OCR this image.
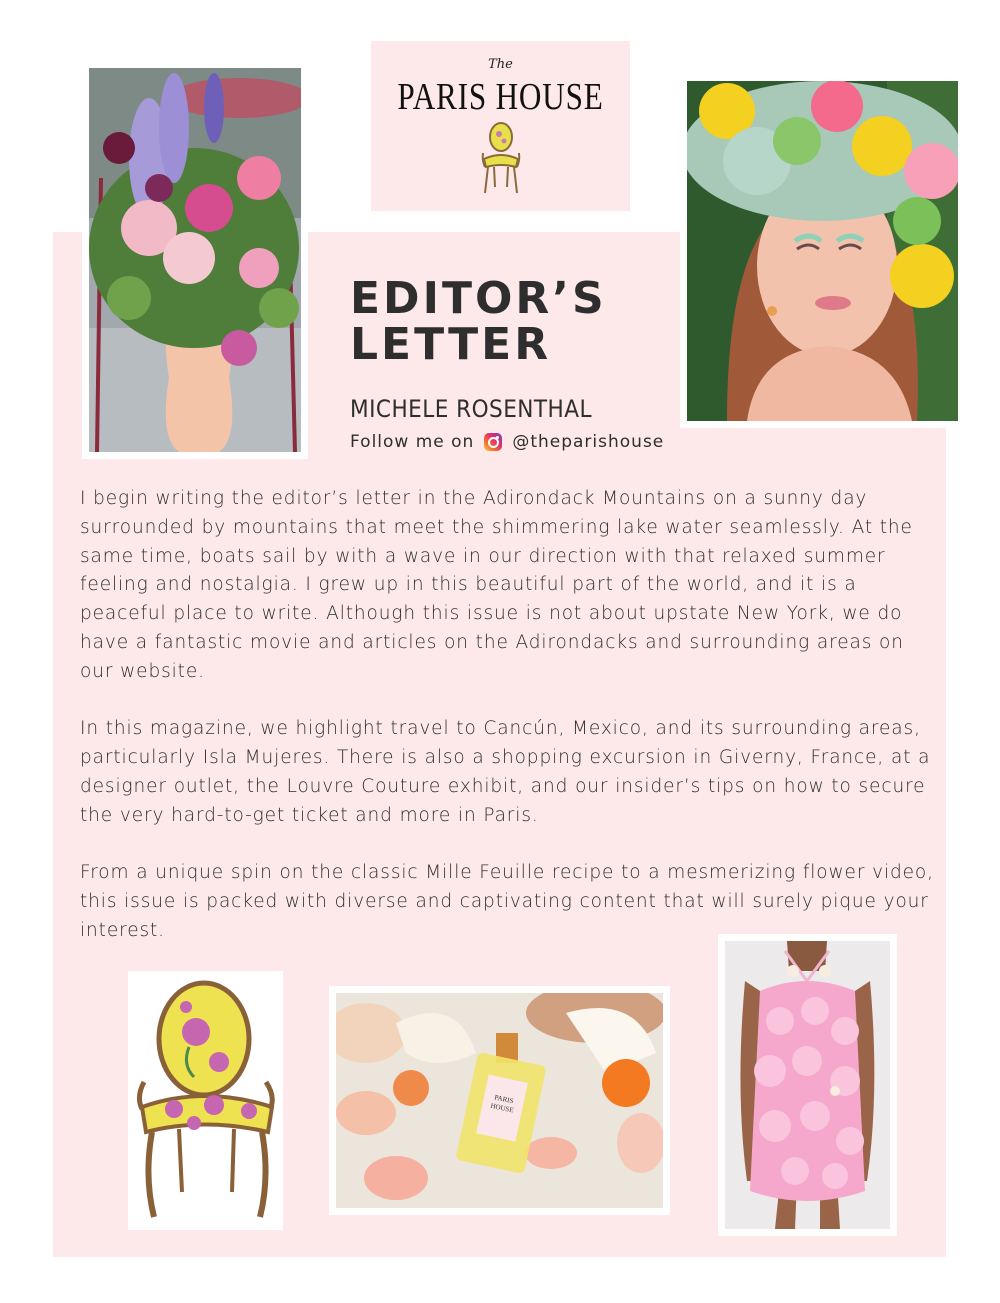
The
PARIS HOUSE
EDITOR’S
LETTER
MICHELE ROSENTHAL
Follow me on @theparishouse

I begin writing the editor’s letter in the Adirondack Mountains on a sunny day surrounded by mountains that meet the shimmering lake water seamlessly. At the same time, boats sail by with a wave in our direction with that relaxed summer feeling and nostalgia. I grew up in this beautiful part of the world, and it is a peaceful place to write. Although this issue is not about upstate New York, we do have a fantastic movie and articles on the Adirondacks and surrounding areas on our website.

In this magazine, we highlight travel to Cancún, Mexico, and its surrounding areas, particularly Isla Mujeres. There is also a shopping excursion in Giverny, France, at a designer outlet, the Louvre Couture exhibit, and our insider’s tips on how to secure the very hard-to-get ticket and more in Paris.

From a unique spin on the classic Mille Feuille recipe to a mesmerizing flower video, this issue is packed with diverse and captivating content that will surely pique your interest.

PARIS
HOUSE
